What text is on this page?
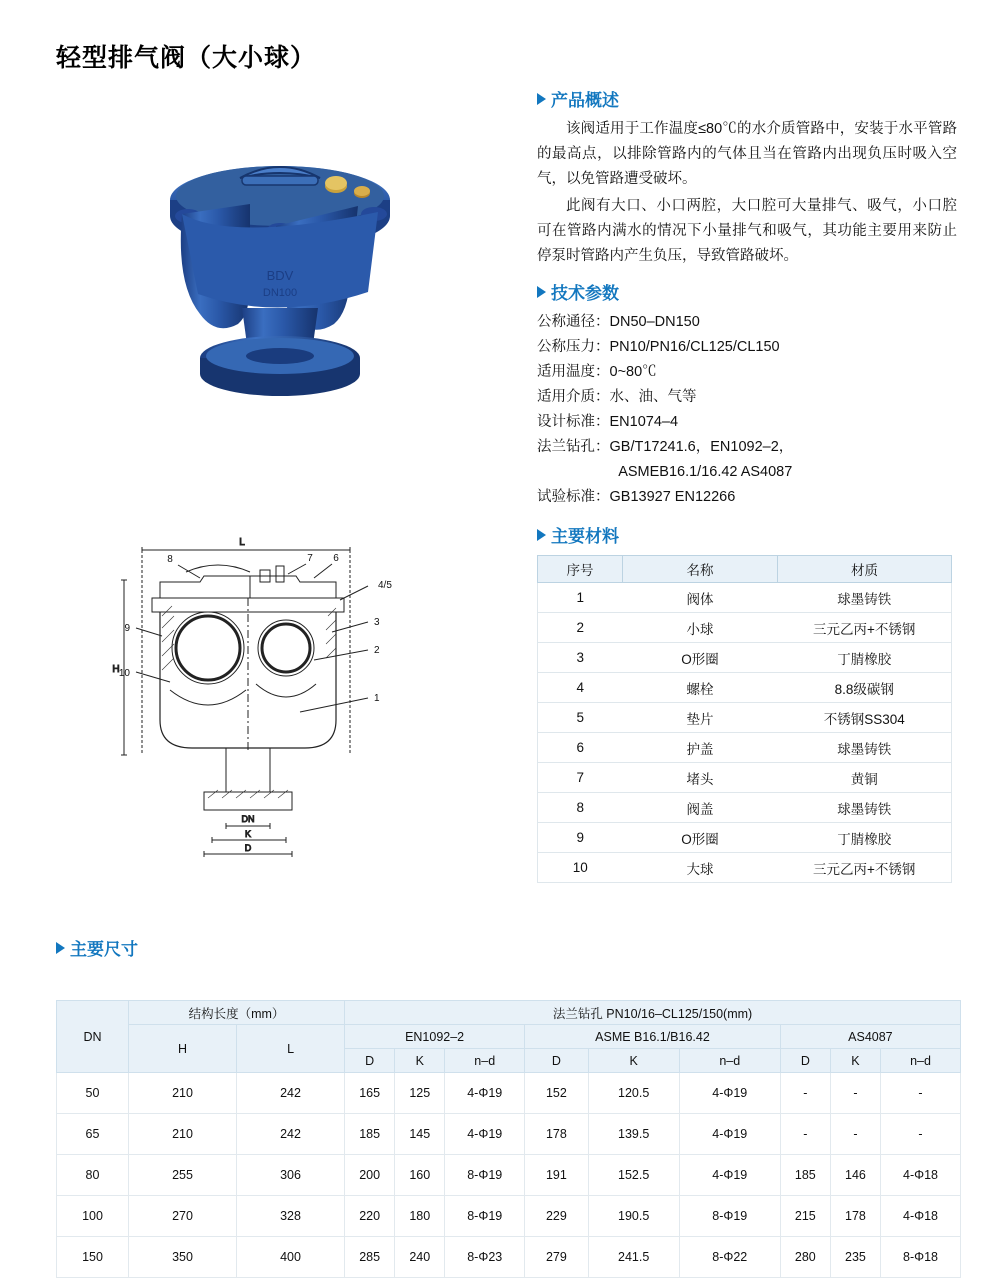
轻型排气阀（大小球）
BDV
DN100
L
H
DN
K
D
8	7 6
4/5
3
2
1
9
10
产品概述

该阀适用于工作温度≤80℃的水介质管路中，安装于水平管路的最高点，以排除管路内的气体且当在管路内出现负压时吸入空气，以免管路遭受破坏。

此阀有大口、小口两腔，大口腔可大量排气、吸气，小口腔可在管路内满水的情况下小量排气和吸气，其功能主要用来防止停泵时管路内产生负压，导致管路破坏。

技术参数
公称通径：DN50–DN150
公称压力：PN10/PN16/CL125/CL150
适用温度：0~80℃
适用介质：水、油、气等
设计标准：EN1074–4
法兰钻孔：GB/T17241.6，EN1092–2，
ASMEB16.1/16.42 AS4087
试验标准：GB13927 EN12266
主要材料
序号	名称	材质
1	阀体	球墨铸铁
2	小球	三元乙丙+不锈钢
3	O形圈	丁腈橡胶
4	螺栓	8.8级碳钢
5	垫片	不锈钢SS304
6	护盖	球墨铸铁
7	堵头	黄铜
8	阀盖	球墨铸铁
9	O形圈	丁腈橡胶
10	大球	三元乙丙+不锈钢
主要尺寸
DN	结构长度（mm）		法兰钻孔 PN10/16–CL125/150(mm)								
	H	L	EN1092–2			ASME B16.1/B16.42			AS4087		
			D	K	n–d	D	K	n–d	D	K	n–d
50	210	242	165	125	4-Φ19	152	120.5	4-Φ19	-	-	-
65	210	242	185	145	4-Φ19	178	139.5	4-Φ19	-	-	-
80	255	306	200	160	8-Φ19	191	152.5	4-Φ19	185	146	4-Φ18
100	270	328	220	180	8-Φ19	229	190.5	8-Φ19	215	178	4-Φ18
150	350	400	285	240	8-Φ23	279	241.5	8-Φ22	280	235	8-Φ18
